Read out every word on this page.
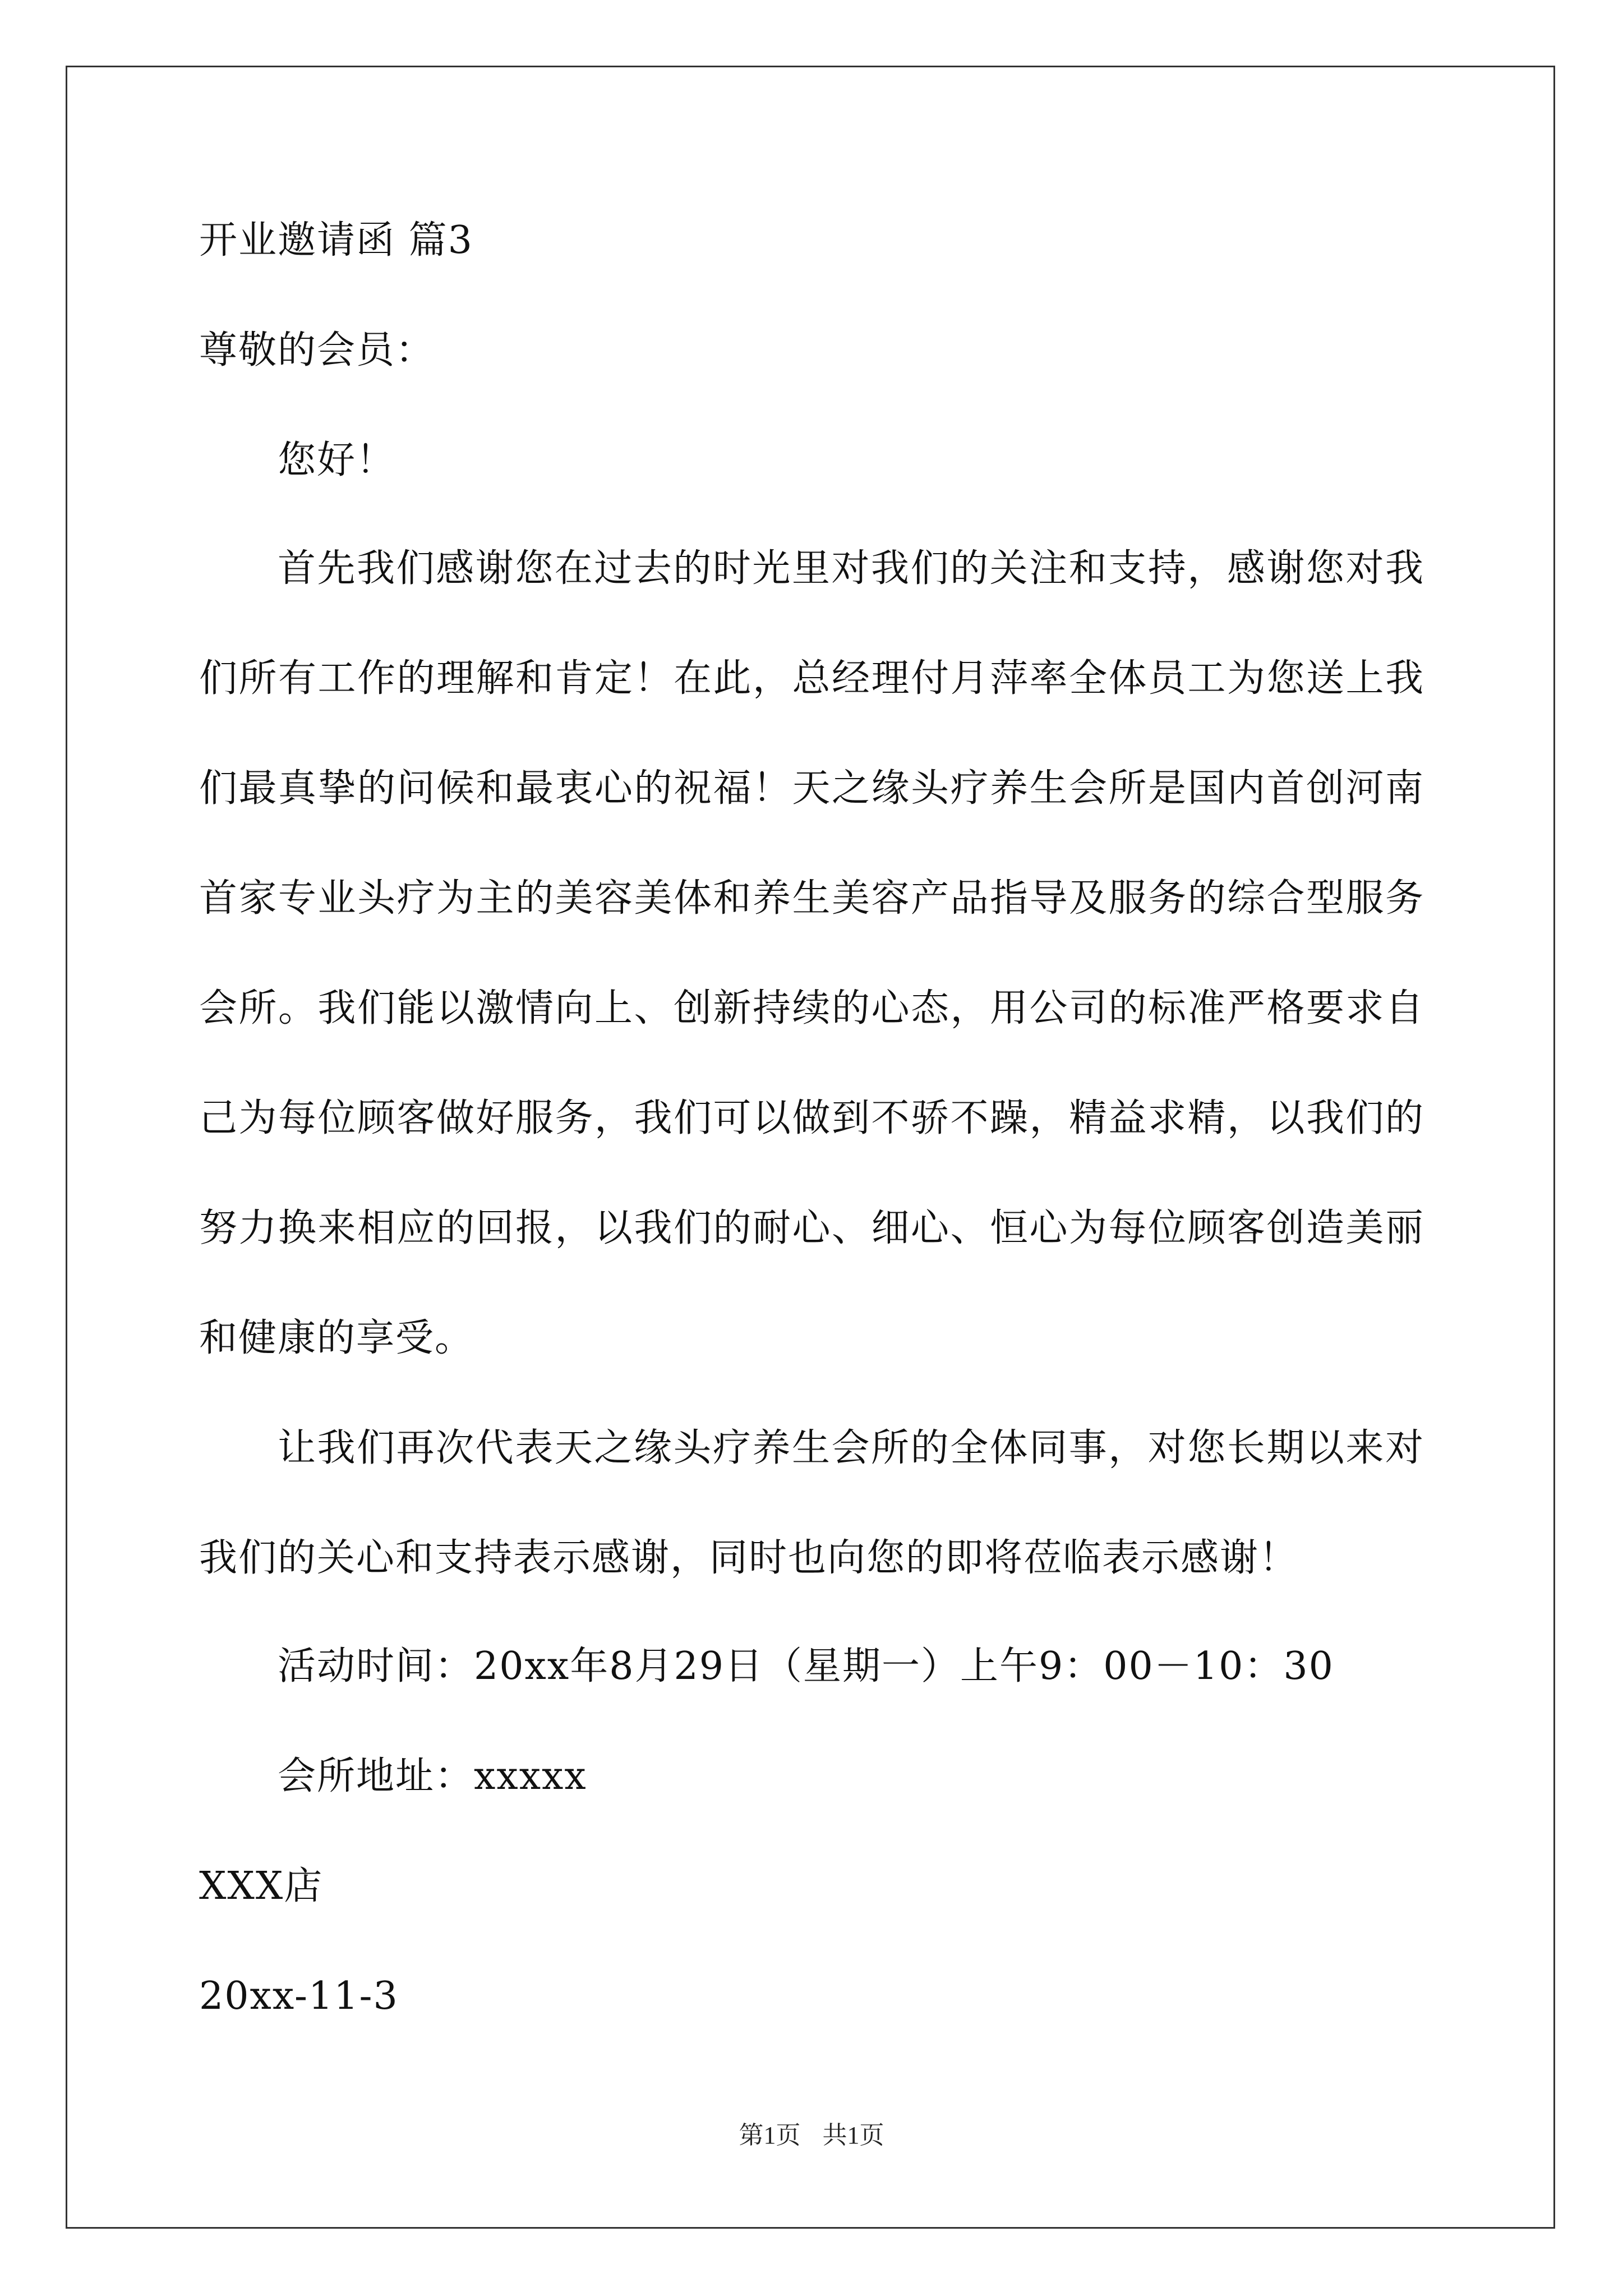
开业邀请函 篇3
尊敬的会员：
您好！

首先我们感谢您在过去的时光里对我们的关注和支持，感谢您对我们所有工作的理解和肯定！在此，总经理付月萍率全体员工为您送上我们最真挚的问候和最衷心的祝福！天之缘头疗养生会所是国内首创河南首家专业头疗为主的美容美体和养生美容产品指导及服务的综合型服务会所。我们能以激情向上、创新持续的心态，用公司的标准严格要求自己为每位顾客做好服务，我们可以做到不骄不躁，精益求精，以我们的努力换来相应的回报，以我们的耐心、细心、恒心为每位顾客创造美丽和健康的享受。

让我们再次代表天之缘头疗养生会所的全体同事，对您长期以来对我们的关心和支持表示感谢，同时也向您的即将莅临表示感谢！

活动时间：20xx年8月29日（星期一）上午9：00－10：30
会所地址：xxxxx
XXX店
20xx-11-3
第1页 共1页
